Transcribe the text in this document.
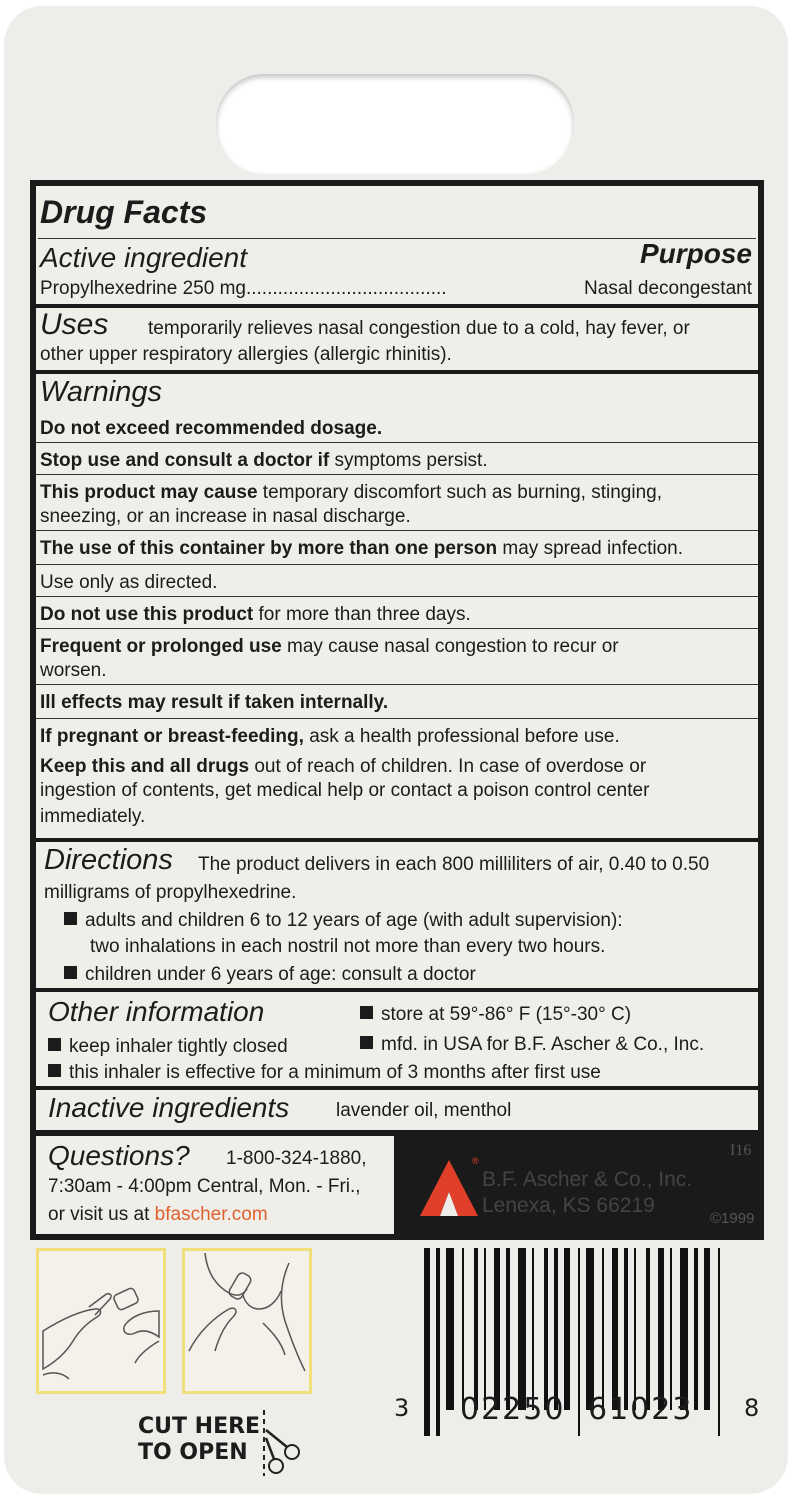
Drug Facts
Active ingredient	Purpose
Propylhexedrine 250 mg......................................	Nasal decongestant
Uses temporarily relieves nasal congestion due to a cold, hay fever, or
other upper respiratory allergies (allergic rhinitis).
Warnings
Do not exceed recommended dosage.
Stop use and consult a doctor if symptoms persist.
This product may cause temporary discomfort such as burning, stinging,
sneezing, or an increase in nasal discharge.
The use of this container by more than one person may spread infection.
Use only as directed.
Do not use this product for more than three days.
Frequent or prolonged use may cause nasal congestion to recur or
worsen.
Ill effects may result if taken internally.
If pregnant or breast-feeding, ask a health professional before use.
Keep this and all drugs out of reach of children. In case of overdose or
ingestion of contents, get medical help or contact a poison control center
immediately.
Directions The product delivers in each 800 milliliters of air, 0.40 to 0.50
milligrams of propylhexedrine.
adults and children 6 to 12 years of age (with adult supervision):
two inhalations in each nostril not more than every two hours.
children under 6 years of age: consult a doctor
Other information	store at 59°-86° F (15°-30° C)
keep inhaler tightly closed	mfd. in USA for B.F. Ascher & Co., Inc.
this inhaler is effective for a minimum of 3 months after first use
Inactive ingredients lavender oil, menthol
Questions? 1-800-324-1880,
7:30am - 4:00pm Central, Mon. - Fri.,
or visit us at bfascher.com
®
B.F. Ascher & Co., Inc.
Lenexa, KS 66219
I16
©1999
CUT HERE
TO OPEN
3 02250 61023 8
